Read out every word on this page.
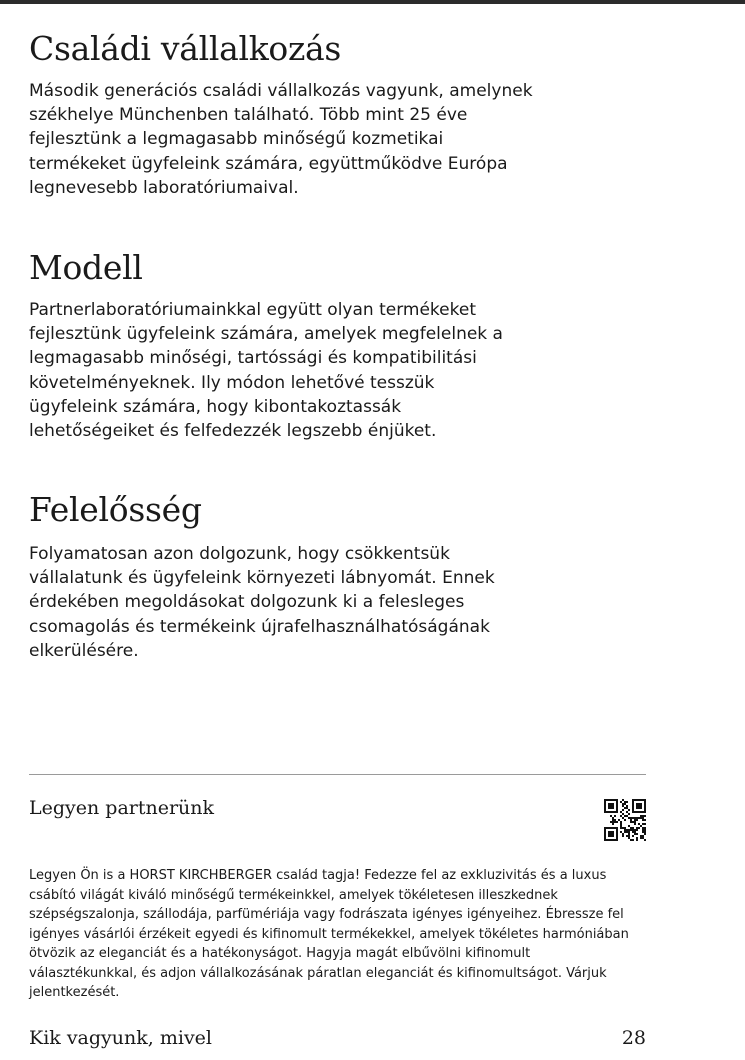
Családi vállalkozás

Második generációs családi vállalkozás vagyunk, amelynek
székhelye Münchenben található. Több mint 25 éve
fejlesztünk a legmagasabb minőségű kozmetikai
termékeket ügyfeleink számára, együttműködve Európa
legnevesebb laboratóriumaival.

Modell

Partnerlaboratóriumainkkal együtt olyan termékeket
fejlesztünk ügyfeleink számára, amelyek megfelelnek a
legmagasabb minőségi, tartóssági és kompatibilitási
követelményeknek. Ily módon lehetővé tesszük
ügyfeleink számára, hogy kibontakoztassák
lehetőségeiket és felfedezzék legszebb énjüket.

Felelősség

Folyamatosan azon dolgozunk, hogy csökkentsük
vállalatunk és ügyfeleink környezeti lábnyomát. Ennek
érdekében megoldásokat dolgozunk ki a felesleges
csomagolás és termékeink újrafelhasználhatóságának
elkerülésére.

Legyen partnerünk

Legyen Ön is a HORST KIRCHBERGER család tagja! Fedezze fel az exkluzivitás és a luxus
csábító világát kiváló minőségű termékeinkkel, amelyek tökéletesen illeszkednek
szépségszalonja, szállodája, parfümériája vagy fodrászata igényes igényeihez. Ébressze fel
igényes vásárlói érzékeit egyedi és kifinomult termékekkel, amelyek tökéletes harmóniában
ötvözik az eleganciát és a hatékonyságot. Hagyja magát elbűvölni kifinomult
választékunkkal, és adjon vállalkozásának páratlan eleganciát és kifinomultságot. Várjuk
jelentkezését.

Kik vagyunk, mivel	28
